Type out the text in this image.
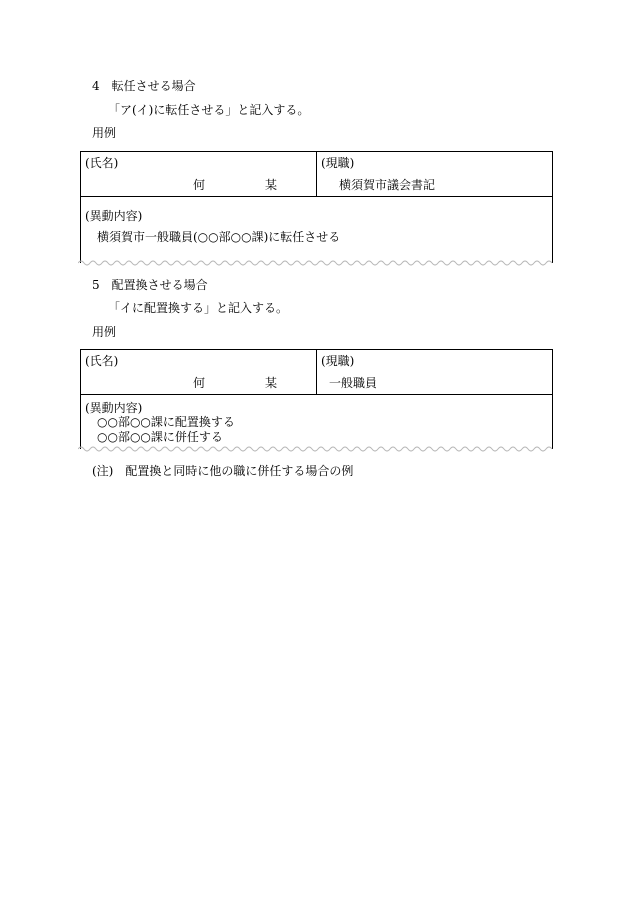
4　転任させる場合
「ア(イ)に転任させる」と記入する。
用例
(氏名)
何　　　　　某

(現職)
横須賀市議会書記

(異動内容)
横須賀市一般職員(○○部○○課)に転任させる
5　配置換させる場合
「イに配置換する」と記入する。
用例
(氏名)
何　　　　　某

(現職)
一般職員

(異動内容)
○○部○○課に配置換する
○○部○○課に併任する
(注)　配置換と同時に他の職に併任する場合の例
